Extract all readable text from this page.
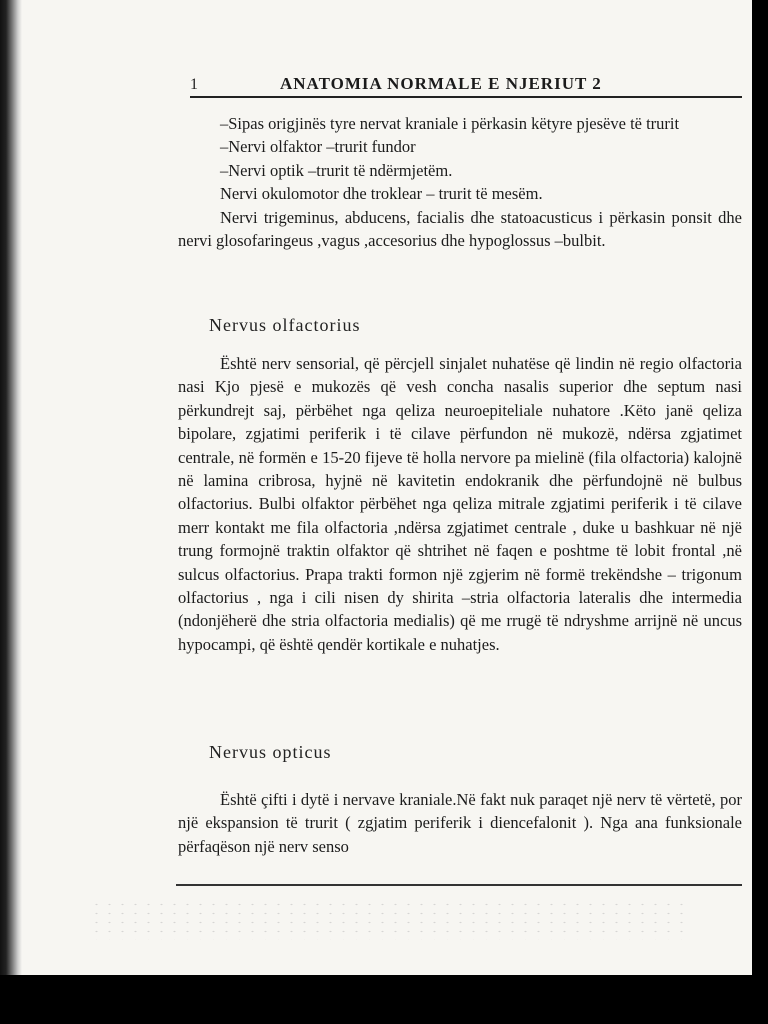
1	ANATOMIA NORMALE E NJERIUT 2

–Sipas origjinës tyre nervat kraniale i përkasin këtyre pjesëve të trurit

–Nervi olfaktor –trurit fundor

–Nervi optik –trurit të ndërmjetëm.

Nervi okulomotor dhe troklear – trurit të mesëm.

Nervi trigeminus, abducens, facialis dhe statoacusticus i përkasin ponsit dhe nervi glosofaringeus ,vagus ,accesorius dhe hypoglossus –bulbit.

Nervus olfactorius

Është nerv sensorial, që përcjell sinjalet nuhatëse që lindin në regio olfactoria nasi Kjo pjesë e mukozës që vesh concha nasalis superior dhe septum nasi përkundrejt saj, përbëhet nga qeliza neuroepiteliale nuhatore .Këto janë qeliza bipolare, zgjatimi periferik i të cilave përfundon në mukozë, ndërsa zgjatimet centrale, në formën e 15-20 fijeve të holla nervore pa mielinë (fila olfactoria) kalojnë në lamina cribrosa, hyjnë në kavitetin endokranik dhe përfundojnë në bulbus olfactorius. Bulbi olfaktor përbëhet nga qeliza mitrale zgjatimi periferik i të cilave merr kontakt me fila olfactoria ,ndërsa zgjatimet centrale , duke u bashkuar në një trung formojnë traktin olfaktor që shtrihet në faqen e poshtme të lobit frontal ,në sulcus olfactorius. Prapa trakti formon një zgjerim në formë trekëndshe – trigonum olfactorius , nga i cili nisen dy shirita –stria olfactoria lateralis dhe intermedia (ndonjëherë dhe stria olfactoria medialis) që me rrugë të ndryshme arrijnë në uncus hypocampi, që është qendër kortikale e nuhatjes.

Nervus opticus

Është çifti i dytë i nervave kraniale.Në fakt nuk paraqet një nerv të vërtetë, por një ekspansion të trurit ( zgjatim periferik i diencefalonit ). Nga ana funksionale përfaqëson një nerv senso
